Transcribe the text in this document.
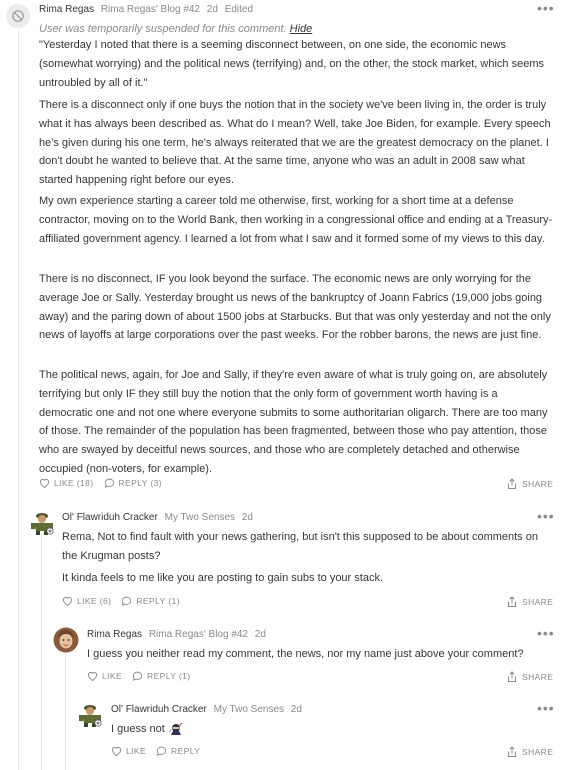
Rima Regas Rima Regas' Blog #42 2d Edited	•••
User was temporarily suspended for this comment. Hide

"Yesterday I noted that there is a seeming disconnect between, on one side, the economic news (somewhat worrying) and the political news (terrifying) and, on the other, the stock market, which seems untroubled by all of it."

There is a disconnect only if one buys the notion that in the society we've been living in, the order is truly what it has always been described as. What do I mean? Well, take Joe Biden, for example. Every speech he's given during his one term, he's always reiterated that we are the greatest democracy on the planet. I don't doubt he wanted to believe that. At the same time, anyone who was an adult in 2008 saw what started happening right before our eyes.

My own experience starting a career told me otherwise, first, working for a short time at a defense contractor, moving on to the World Bank, then working in a congressional office and ending at a Treasury-affiliated government agency. I learned a lot from what I saw and it formed some of my views to this day.

There is no disconnect, IF you look beyond the surface. The economic news are only worrying for the average Joe or Sally. Yesterday brought us news of the bankruptcy of Joann Fabrics (19,000 jobs going away) and the paring down of about 1500 jobs at Starbucks. But that was only yesterday and not the only news of layoffs at large corporations over the past weeks. For the robber barons, the news are just fine.

The political news, again, for Joe and Sally, if they're even aware of what is truly going on, are absolutely terrifying but only IF they still buy the notion that the only form of government worth having is a democratic one and not one where everyone submits to some authoritarian oligarch. There are too many of those. The remainder of the population has been fragmented, between those who pay attention, those who are swayed by deceitful news sources, and those who are completely detached and otherwise occupied (non-voters, for example).

LIKE (18)	REPLY (3)	SHARE
Ol' Flawriduh Cracker My Two Senses 2d	•••

Rema, Not to find fault with your news gathering, but isn't this supposed to be about comments on the Krugman posts?

It kinda feels to me like you are posting to gain subs to your stack.

LIKE (6)	REPLY (1)	SHARE
Rima Regas Rima Regas' Blog #42 2d	•••

I guess you neither read my comment, the news, nor my name just above your comment?

LIKE	REPLY (1)	SHARE
Ol' Flawriduh Cracker My Two Senses 2d	•••
I guess not
LIKE	REPLY	SHARE
